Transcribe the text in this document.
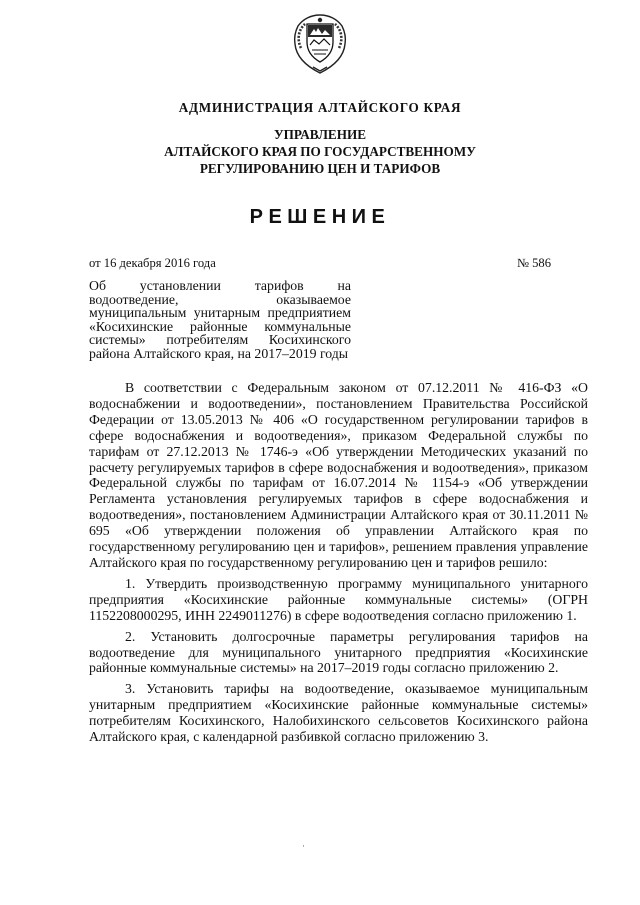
АДМИНИСТРАЦИЯ АЛТАЙСКОГО КРАЯ
УПРАВЛЕНИЕ
АЛТАЙСКОГО КРАЯ ПО ГОСУДАРСТВЕННОМУ
РЕГУЛИРОВАНИЮ ЦЕН И ТАРИФОВ
РЕШЕНИЕ
от 16 декабря 2016 года	№ 586
Об установлении тарифов на водоотведение, оказываемое муниципальным унитарным предприятием «Косихинские районные коммунальные системы» потребителям Косихинского района Алтайского края, на 2017–2019 годы

В соответствии с Федеральным законом от 07.12.2011 № 416-ФЗ «О водоснабжении и водоотведении», постановлением Правительства Российской Федерации от 13.05.2013 № 406 «О государственном регулировании тарифов в сфере водоснабжения и водоотведения», приказом Федеральной службы по тарифам от 27.12.2013 № 1746-э «Об утверждении Методических указаний по расчету регулируемых тарифов в сфере водоснабжения и водоотведения», приказом Федеральной службы по тарифам от 16.07.2014 № 1154-э «Об утверждении Регламента установления регулируемых тарифов в сфере водоснабжения и водоотведения», постановлением Администрации Алтайского края от 30.11.2011 № 695 «Об утверждении положения об управлении Алтайского края по государственному регулированию цен и тарифов», решением правления управление Алтайского края по государственному регулированию цен и тарифов решило:

1. Утвердить производственную программу муниципального унитарного предприятия «Косихинские районные коммунальные системы» (ОГРН 1152208000295, ИНН 2249011276) в сфере водоотведения согласно приложению 1.

2. Установить долгосрочные параметры регулирования тарифов на водоотведение для муниципального унитарного предприятия «Косихинские районные коммунальные системы» на 2017–2019 годы согласно приложению 2.

3. Установить тарифы на водоотведение, оказываемое муниципальным унитарным предприятием «Косихинские районные коммунальные системы» потребителям Косихинского, Налобихинского сельсоветов Косихинского района Алтайского края, с календарной разбивкой согласно приложению 3.

·
